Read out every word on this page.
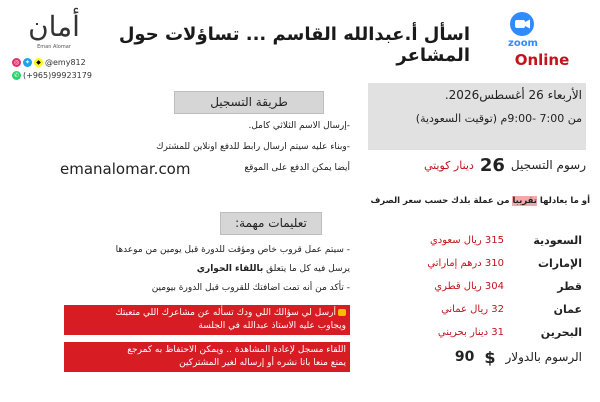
أمان
Eman Alomar
◎ ✦	◆ @emy812
✆ (+965)99923179
اسأل أ.عبدالله القاسم ... تساؤلات حول المشاعر
zoom
Online
الأربعاء 26 أغسطس2026.
من 7:00 -9:00م (توقيت السعودية)
رسوم التسجيل
26
دينار كويتي
أو ما يعادلها تقريبا من عملة بلدك حسب سعر الصرف
السعودية
315 ريال سعودي
الإمارات
310 درهم إماراتي
قطر
304 ريال قطري
عمان
32 ريال عماني
البحرين
31 دينار بحريني
الرسوم بالدولار
$
90
طريقة التسجيل
-إرسال الاسم الثلاثي كامل.
-وبناء عليه سيتم ارسال رابط للدفع اونلاين للمشترك
أيضا يمكن الدفع على الموقع
emanalomar.com
تعليمات مهمة:
- سيتم عمل قروب خاص ومؤقت للدورة قبل يومين من موعدها
يرسل فيه كل ما يتعلق باللقاء الحواري
- تأكد من أنه تمت اضافتك للقروب قبل الدورة بيومين
أرسل لي سؤالك اللي ودك تسأله عن مشاعرك اللي متعبتك
ويجاوب عليه الاستاذ عبدالله في الجلسة
اللقاء مسجل لإعادة المشاهدة .. ويمكن الاحتفاظ به كمرجع
يمنع منعا باتا نشره أو إرساله لغير المشتركين
